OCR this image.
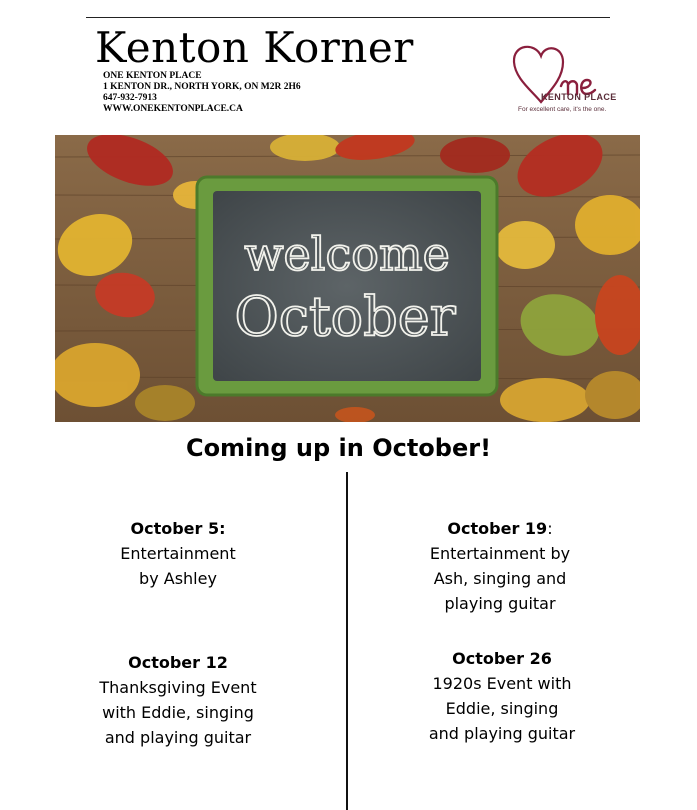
Kenton Korner
ONE KENTON PLACE
1 KENTON DR., NORTH YORK, ON M2R 2H6
647-932-7913
WWW.ONEKENTONPLACE.CA
One
KENTON PLACE
For excellent care, it's the one.
welcome
October
Coming up in October!
October 5:
Entertainment
by Ashley
October 12
Thanksgiving Event
with Eddie, singing
and playing guitar
October 19:
Entertainment by
Ash, singing and
playing guitar
October 26
1920s Event with
Eddie, singing
and playing guitar
